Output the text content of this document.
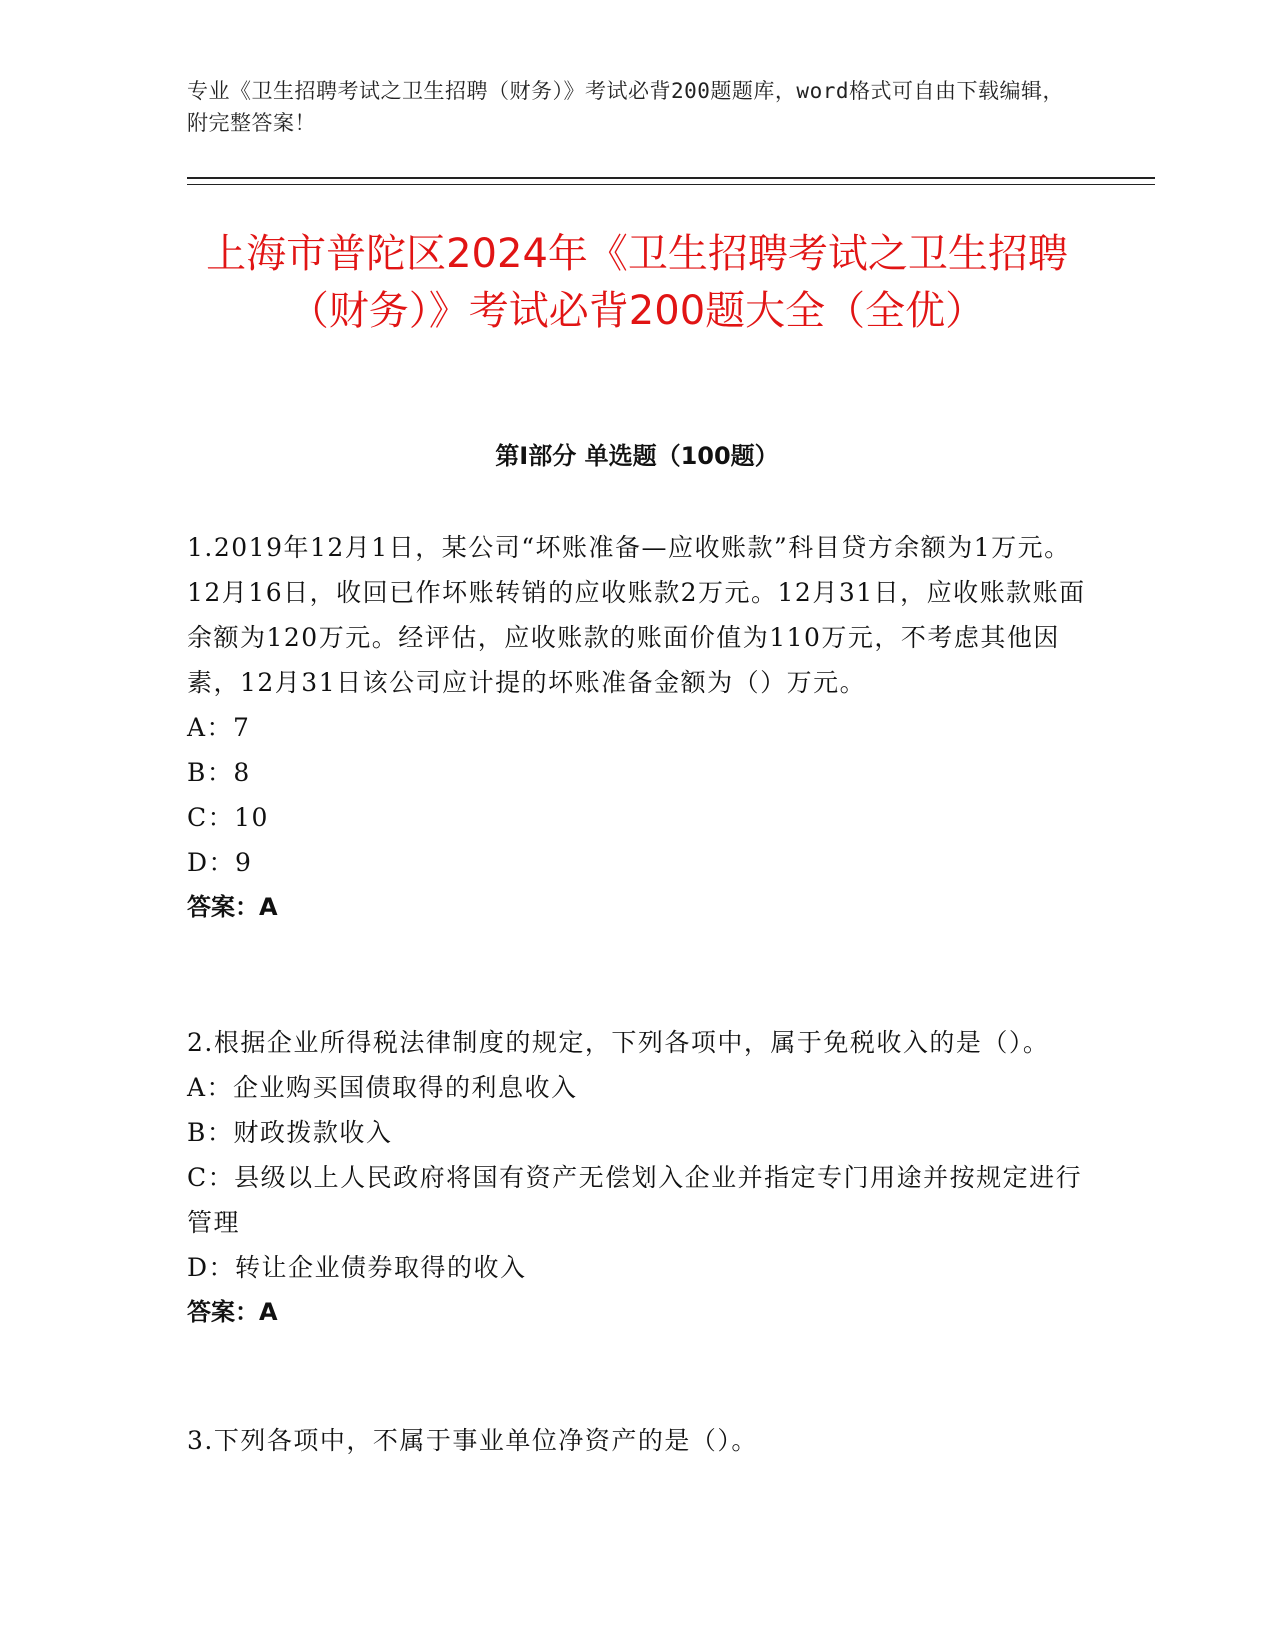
专业《卫生招聘考试之卫生招聘（财务）》考试必背200题题库，word格式可自由下载编辑，附完整答案！
上海市普陀区2024年《卫生招聘考试之卫生招聘（财务）》考试必背200题大全（全优）
第I部分 单选题（100题）

1.2019年12月1日，某公司“坏账准备—应收账款”科目贷方余额为1万元。12月16日，收回已作坏账转销的应收账款2万元。12月31日，应收账款账面余额为120万元。经评估，应收账款的账面价值为110万元，不考虑其他因素，12月31日该公司应计提的坏账准备金额为（）万元。

A：7

B：8

C：10

D：9

答案：A

2.根据企业所得税法律制度的规定，下列各项中，属于免税收入的是（）。

A：企业购买国债取得的利息收入

B：财政拨款收入

C：县级以上人民政府将国有资产无偿划入企业并指定专门用途并按规定进行管理

D：转让企业债券取得的收入

答案：A

3.下列各项中，不属于事业单位净资产的是（）。
